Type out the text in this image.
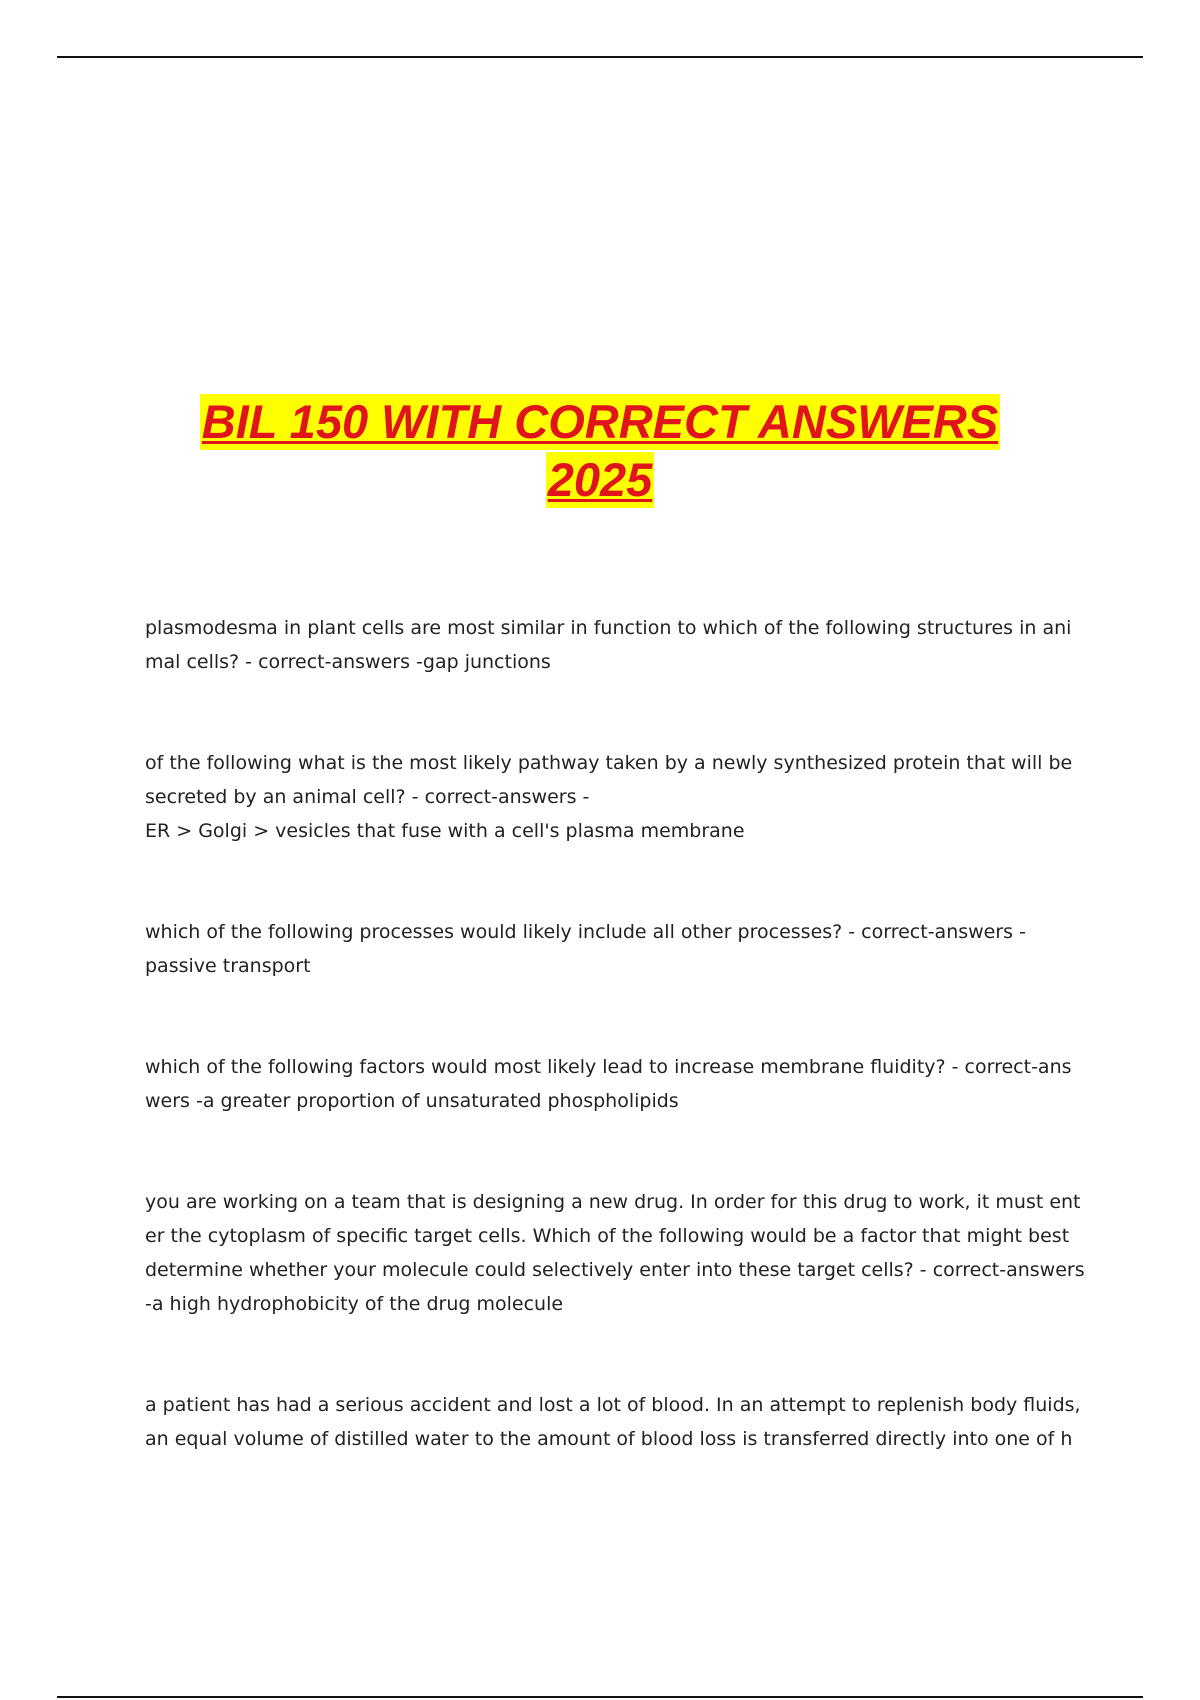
BIL 150 WITH CORRECT ANSWERS
2025

plasmodesma in plant cells are most similar in function to which of the following structures in animal cells? - correct-answers -gap junctions

of the following what is the most likely pathway taken by a newly synthesized protein that will be secreted by an animal cell? - correct-answers -
ER > Golgi > vesicles that fuse with a cell's plasma membrane

which of the following processes would likely include all other processes? - correct-answers -
passive transport

which of the following factors would most likely lead to increase membrane fluidity? - correct-answers -a greater proportion of unsaturated phospholipids

you are working on a team that is designing a new drug. In order for this drug to work, it must enter the cytoplasm of specific target cells. Which of the following would be a factor that might best determine whether your molecule could selectively enter into these target cells? - correct-answers -a high hydrophobicity of the drug molecule

a patient has had a serious accident and lost a lot of blood. In an attempt to replenish body fluids, an equal volume of distilled water to the amount of blood loss is transferred directly into one of h
